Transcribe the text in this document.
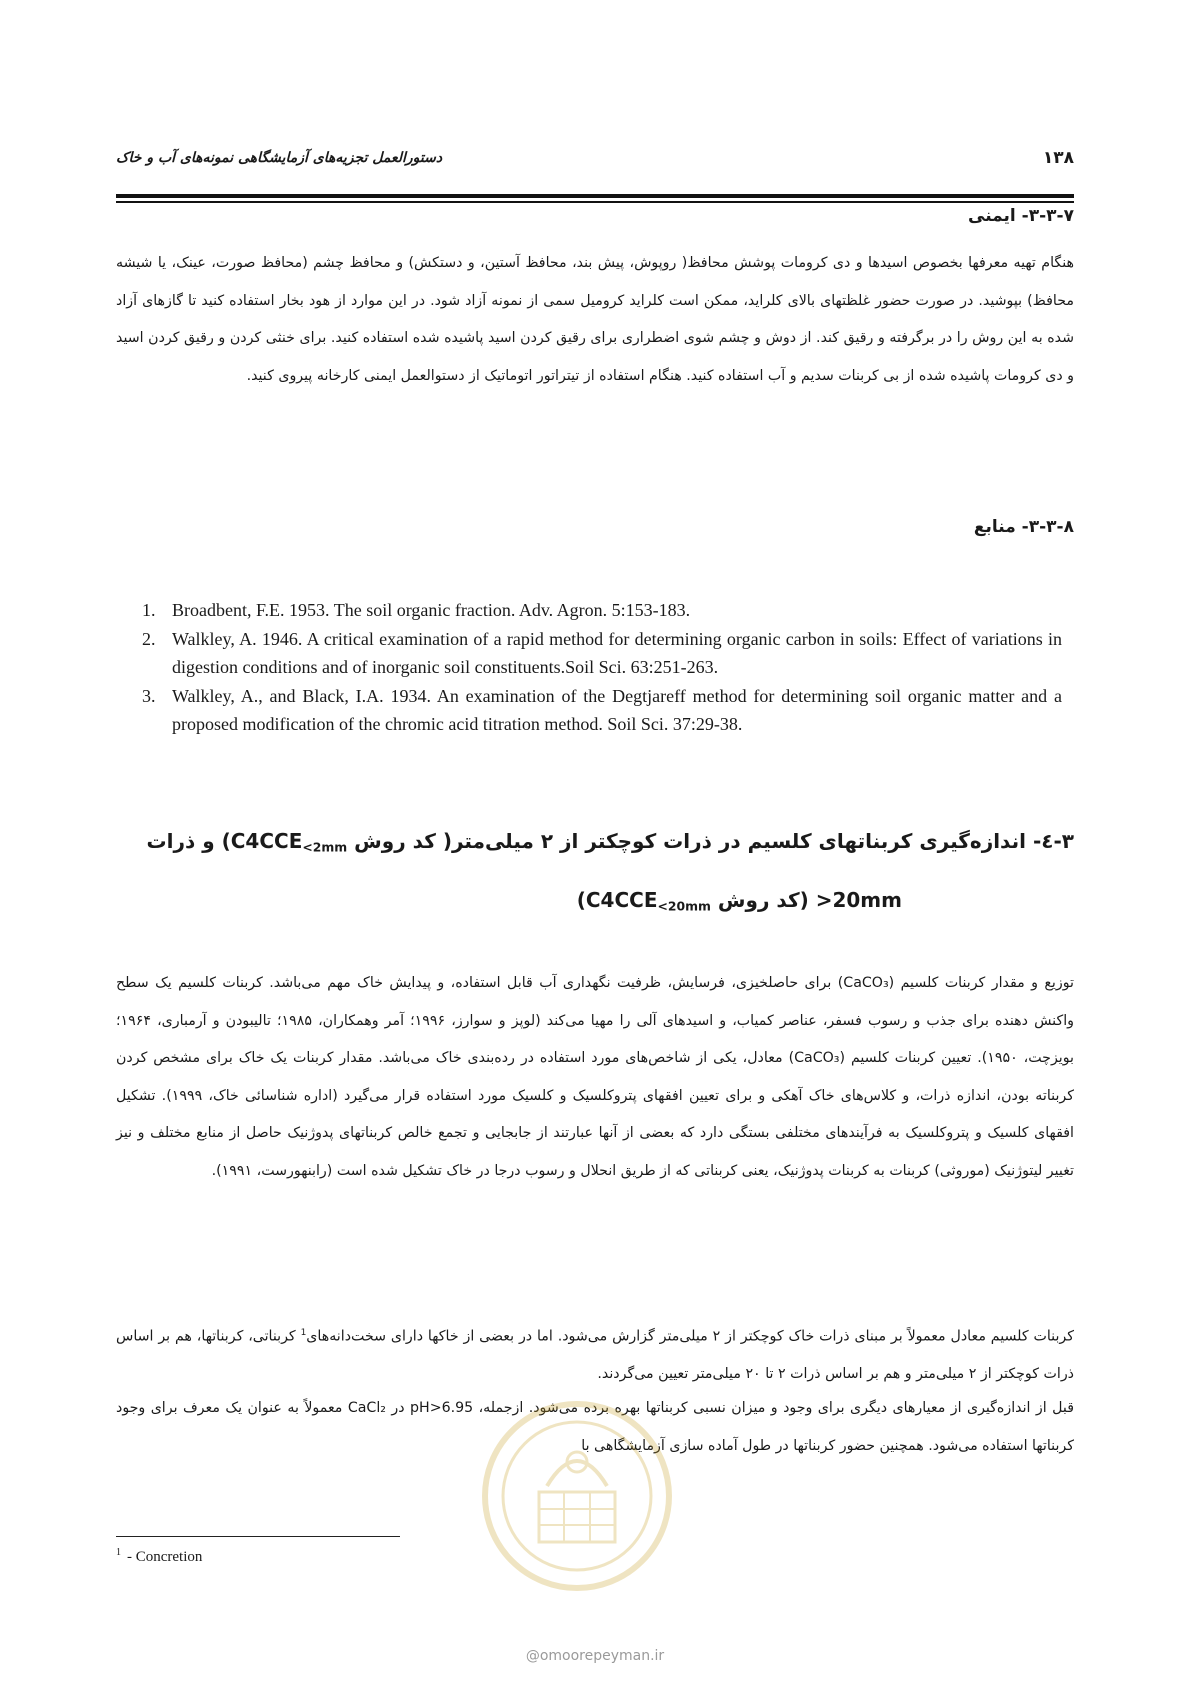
۱۳۸
دستورالعمل تجزیه‌های آزمایشگاهی نمونه‌های آب و خاک
۳-۳-۷- ایمنی
هنگام تهیه معرفها بخصوص اسیدها و دی کرومات پوشش محافظ( روپوش، پیش بند، محافظ آستین، و دستکش) و محافظ چشم (محافظ صورت، عینک، یا شیشه محافظ) بپوشید. در صورت حضور غلظتهای بالای کلراید، ممکن است کلراید کرومیل سمی از نمونه آزاد شود. در این موارد از هود بخار استفاده کنید تا گازهای آزاد شده به این روش را در برگرفته و رقیق کند. از دوش و چشم شوی اضطراری برای رقیق کردن اسید پاشیده شده استفاده کنید. برای خنثی کردن و رقیق کردن اسید و دی کرومات پاشیده شده از بی کربنات سدیم و آب استفاده کنید. هنگام استفاده از تیتراتور اتوماتیک از دستوالعمل ایمنی کارخانه پیروی کنید.
۳-۳-۸- منابع
1. Broadbent, F.E. 1953. The soil organic fraction. Adv. Agron. 5:153-183.
2. Walkley, A. 1946. A critical examination of a rapid method for determining organic carbon in soils: Effect of variations in digestion conditions and of inorganic soil constituents.Soil Sci. 63:251-263.
3. Walkley, A., and Black, I.A. 1934. An examination of the Degtjareff method for determining soil organic matter and a proposed modification of the chromic acid titration method. Soil Sci. 37:29-38.
۳-٤- اندازه‌گیری کربناتهای کلسیم در ذرات کوچکتر از ۲ میلی‌متر( کد روش $C4CCE_{<2mm}$) و ذرات
>20mm (کد روش $C4CCE_{<20mm}$)
توزیع و مقدار کربنات کلسیم (CaCO₃) برای حاصلخیزی، فرسایش، ظرفیت نگهداری آب قابل استفاده، و پیدایش خاک مهم می‌باشد. کربنات کلسیم یک سطح واکنش دهنده برای جذب و رسوب فسفر، عناصر کمیاب، و اسیدهای آلی را مهیا می‌کند (لوپز و سوارز، ۱۹۹۶؛ آمر وهمکاران، ۱۹۸۵؛ تالیبودن و آرمباری، ۱۹۶۴؛ بویزچت، ۱۹۵۰). تعیین کربنات کلسیم (CaCO₃) معادل، یکی از شاخص‌های مورد استفاده در رده‌بندی خاک می‌باشد. مقدار کربنات یک خاک برای مشخص کردن کربناته بودن، اندازه ذرات، و کلاس‌های خاک آهکی و برای تعیین افقهای پتروکلسیک و کلسیک مورد استفاده قرار می‌گیرد (اداره شناسائی خاک، ۱۹۹۹). تشکیل افقهای کلسیک و پتروکلسیک به فرآیندهای مختلفی بستگی دارد که بعضی از آنها عبارتند از جابجایی و تجمع خالص کربناتهای پدوژنیک حاصل از منابع مختلف و نیز تغییر لیتوژنیک (موروثی) کربنات به کربنات پدوژنیک، یعنی کربناتی که از طریق انحلال و رسوب درجا در خاک تشکیل شده است (رابنهورست، ۱۹۹۱).
کربنات کلسیم معادل معمولاً بر مبنای ذرات خاک کوچکتر از ۲ میلی‌متر گزارش می‌شود. اما در بعضی از خاکها دارای سخت‌دانه‌های$^1$ کربناتی، کربناتها، هم بر اساس ذرات کوچکتر از ۲ میلی‌متر و هم بر اساس ذرات ۲ تا ۲۰ میلی‌متر تعیین می‌گردند.
قبل از اندازه‌گیری از معیارهای دیگری برای وجود و میزان نسبی کربناتها بهره برده می‌شود. ازجمله، pH>6.95 در CaCl₂ معمولاً به عنوان یک معرف برای وجود کربناتها استفاده می‌شود. همچنین حضور کربناتها در طول آماده سازی آزمایشگاهی با
$^1$ - Concretion
@omoorepeyman.ir
